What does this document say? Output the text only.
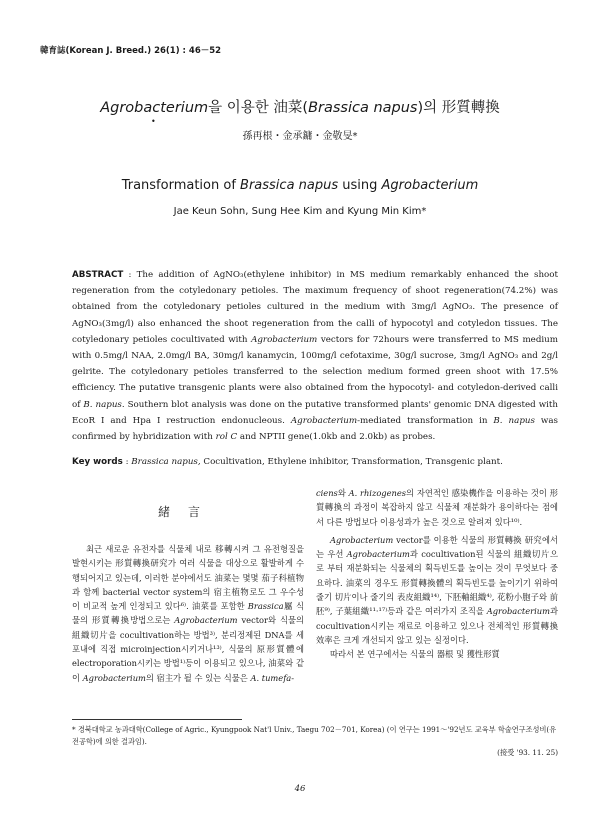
韓育誌(Korean J. Breed.) 26(1) : 46－52
Agrobacterium을 이용한 油菜(Brassica napus)의 形質轉換
•
孫再根・金承鏞・金敬旻*
Transformation of Brassica napus using Agrobacterium
Jae Keun Sohn, Sung Hee Kim and Kyung Min Kim*
ABSTRACT : The addition of AgNO₃(ethylene inhibitor) in MS medium remarkably enhanced the shoot regeneration from the cotyledonary petioles. The maximum frequency of shoot regeneration(74.2%) was obtained from the cotyledonary petioles cultured in the medium with 3mg/l AgNO₃. The presence of AgNO₃(3mg/l) also enhanced the shoot regeneration from the calli of hypocotyl and cotyledon tissues. The cotyledonary petioles cocultivated with Agrobacterium vectors for 72hours were transferred to MS medium with 0.5mg/l NAA, 2.0mg/l BA, 30mg/l kanamycin, 100mg/l cefotaxime, 30g/l sucrose, 3mg/l AgNO₃ and 2g/l gelrite. The cotyledonary petioles transferred to the selection medium formed green shoot with 17.5% efficiency. The putative transgenic plants were also obtained from the hypocotyl- and cotyledon-derived calli of B. napus. Southern blot analysis was done on the putative transformed plants' genomic DNA digested with EcoR I and Hpa I restruction endonucleous. Agrobacterium-mediated transformation in B. napus was confirmed by hybridization with rol C and NPTII gene(1.0kb and 2.0kb) as probes.
Key words : Brassica napus, Cocultivation, Ethylene inhibitor, Transformation, Transgenic plant.
緒言
최근 새로운 유전자를 식물체 내로 移轉시켜 그 유전형질을 발현시키는 形質轉換研究가 여러 식물을 대상으로 활발하게 수행되어지고 있는데, 이러한 분야에서도 油菜는 몇몇 茄子科植物과 함께 bacterial vector system의 宿主植物로도 그 우수성이 비교적 높게 인정되고 있다⁶⁾. 油菜를 포함한 Brassica屬 식물의 形質轉換방법으로는 Agrobacterium vector와 식물의 組織切片을 cocultivation하는 방법³⁾, 분리정제된 DNA를 세포내에 직접 microinjection시키거나¹³⁾, 식물의 原形質體에 electroporation시키는 방법¹⁾등이 이용되고 있으나, 油菜와 같이 Agrobacterium의 宿主가 될 수 있는 식물은 A. tumefa-
ciens와 A. rhizogenes의 자연적인 感染機作을 이용하는 것이 形質轉換의 과정이 복잡하지 않고 식물체 재분화가 용이하다는 점에서 다른 방법보다 이용성과가 높은 것으로 알려져 있다¹⁰⁾.
Agrobacterium vector를 이용한 식물의 形質轉換 研究에서는 우선 Agrobacterium과 cocultivation된 식물의 組織切片으로 부터 재분화되는 식물체의 획득빈도를 높이는 것이 무엇보다 중요하다. 油菜의 경우도 形質轉換體의 획득빈도를 높이기기 위하여 줄기 切片이나 줄기의 表皮組織¹⁴⁾, 下胚軸組織⁴⁾, 花粉小胞子와 前胚⁹⁾, 子葉組織¹¹·¹⁷⁾등과 같은 여러가지 조직을 Agrobacterium과 cocultivation시키는 재료로 이용하고 있으나 전체적인 形質轉換效率은 크게 개선되지 않고 있는 실정이다.
따라서 본 연구에서는 식물의 器根 및 獲性形質
* 경북대학교 농과대학(College of Agric., Kyungpook Nat'l Univ., Taegu 702－701, Korea) (이 연구는 1991～'92년도 교육부 학술연구조성비(유전공학)에 의한 결과임).
(接受 '93. 11. 25)
46
